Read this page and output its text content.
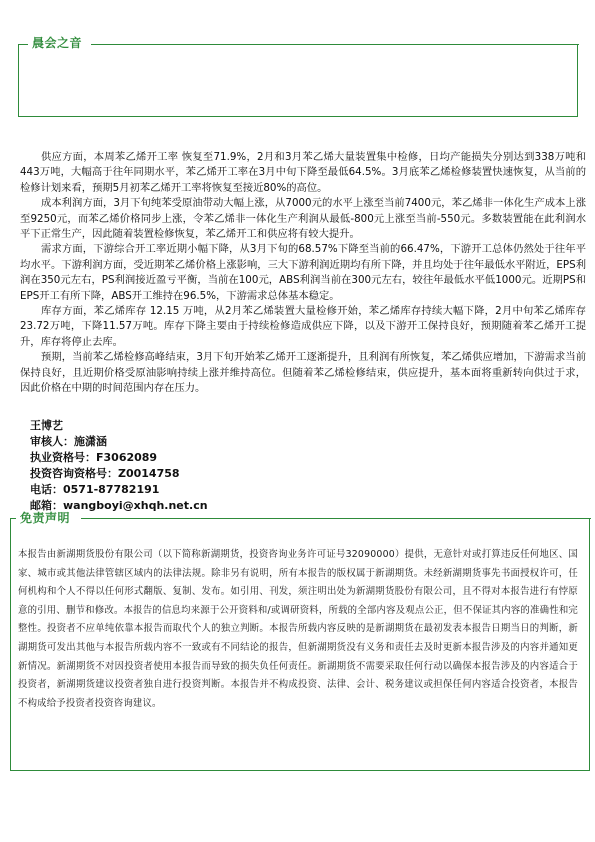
晨会之音

供应方面，本周苯乙烯开工率 恢复至71.9%，2月和3月苯乙烯大量装置集中检修，日均产能损失分别达到338万吨和443万吨，大幅高于往年同期水平，苯乙烯开工率在3月中旬下降至最低64.5%。3月底苯乙烯检修装置快速恢复，从当前的检修计划来看，预期5月初苯乙烯开工率将恢复至接近80%的高位。

成本利润方面，3月下旬纯苯受原油带动大幅上涨，从7000元的水平上涨至当前7400元，苯乙烯非一体化生产成本上涨至9250元，而苯乙烯价格同步上涨，令苯乙烯非一体化生产利润从最低-800元上涨至当前-550元。多数装置能在此利润水平下正常生产，因此随着装置检修恢复，苯乙烯开工和供应将有较大提升。

需求方面，下游综合开工率近期小幅下降，从3月下旬的68.57%下降至当前的66.47%，下游开工总体仍然处于往年平均水平。下游利润方面，受近期苯乙烯价格上涨影响，三大下游利润近期均有所下降，并且均处于往年最低水平附近，EPS利润在350元左右，PS利润接近盈亏平衡，当前在100元，ABS利润当前在300元左右，较往年最低水平低1000元。近期PS和EPS开工有所下降，ABS开工维持在96.5%，下游需求总体基本稳定。

库存方面，苯乙烯库存 12.15 万吨，从2月苯乙烯装置大量检修开始，苯乙烯库存持续大幅下降，2月中旬苯乙烯库存23.72万吨，下降11.57万吨。库存下降主要由于持续检修造成供应下降，以及下游开工保持良好，预期随着苯乙烯开工提升，库存将停止去库。

预期，当前苯乙烯检修高峰结束，3月下旬开始苯乙烯开工逐渐提升，且利润有所恢复，苯乙烯供应增加，下游需求当前保持良好，且近期价格受原油影响持续上涨并维持高位。但随着苯乙烯检修结束，供应提升，基本面将重新转向供过于求，因此价格在中期的时间范围内存在压力。

王博艺
审核人：施潇涵
执业资格号：F3062089
投资咨询资格号：Z0014758
电话：0571-87782191
邮箱：wangboyi@xhqh.net.cn
免责声明
本报告由新湖期货股份有限公司（以下简称新湖期货，投资咨询业务许可证号32090000）提供，无意针对或打算违反任何地区、国家、城市或其他法律管辖区域内的法律法规。除非另有说明，所有本报告的版权属于新湖期货。未经新湖期货事先书面授权许可，任何机构和个人不得以任何形式翻版、复制、发布。如引用、刊发，须注明出处为新湖期货股份有限公司，且不得对本报告进行有悖原意的引用、删节和修改。本报告的信息均来源于公开资料和/或调研资料，所载的全部内容及观点公正，但不保证其内容的准确性和完整性。投资者不应单纯依靠本报告而取代个人的独立判断。本报告所载内容反映的是新湖期货在最初发表本报告日期当日的判断，新湖期货可发出其他与本报告所载内容不一致或有不同结论的报告，但新湖期货没有义务和责任去及时更新本报告涉及的内容并通知更新情况。新湖期货不对因投资者使用本报告而导致的损失负任何责任。新湖期货不需要采取任何行动以确保本报告涉及的内容适合于投资者，新湖期货建议投资者独自进行投资判断。本报告并不构成投资、法律、会计、税务建议或担保任何内容适合投资者，本报告不构成给予投资者投资咨询建议。
